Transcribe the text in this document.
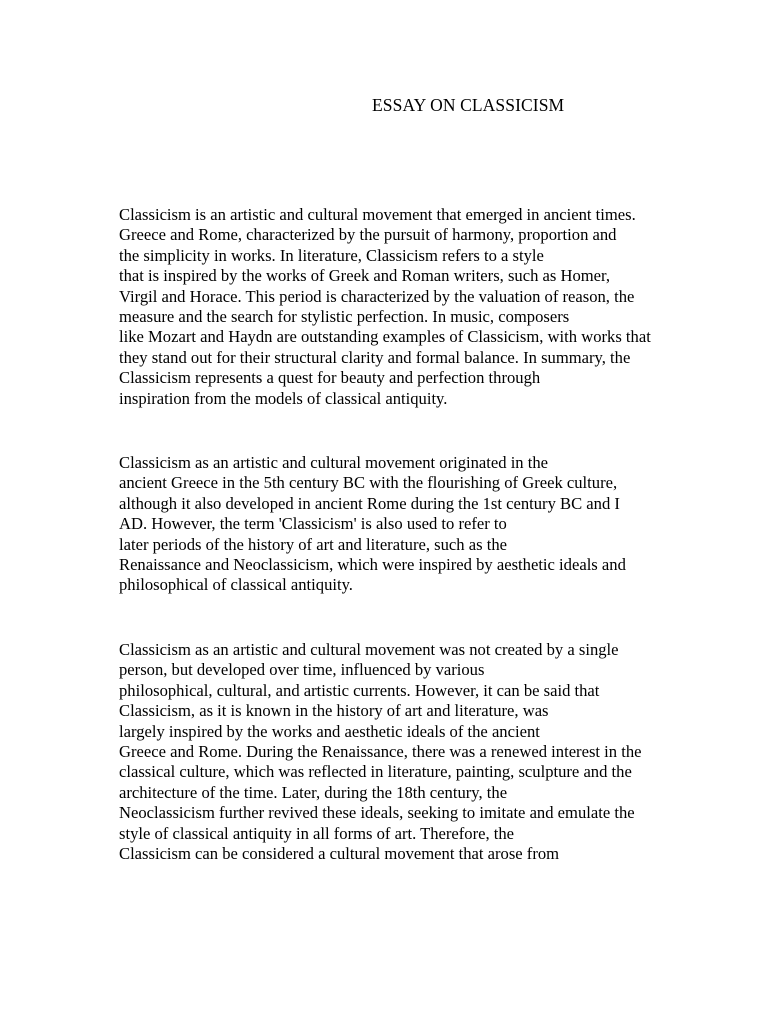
ESSAY ON CLASSICISM

Classicism is an artistic and cultural movement that emerged in ancient times.
Greece and Rome, characterized by the pursuit of harmony, proportion and
the simplicity in works. In literature, Classicism refers to a style
that is inspired by the works of Greek and Roman writers, such as Homer,
Virgil and Horace. This period is characterized by the valuation of reason, the
measure and the search for stylistic perfection. In music, composers
like Mozart and Haydn are outstanding examples of Classicism, with works that
they stand out for their structural clarity and formal balance. In summary, the
Classicism represents a quest for beauty and perfection through
inspiration from the models of classical antiquity.

Classicism as an artistic and cultural movement originated in the
ancient Greece in the 5th century BC with the flourishing of Greek culture,
although it also developed in ancient Rome during the 1st century BC and I
AD. However, the term 'Classicism' is also used to refer to
later periods of the history of art and literature, such as the
Renaissance and Neoclassicism, which were inspired by aesthetic ideals and
philosophical of classical antiquity.

Classicism as an artistic and cultural movement was not created by a single
person, but developed over time, influenced by various
philosophical, cultural, and artistic currents. However, it can be said that
Classicism, as it is known in the history of art and literature, was
largely inspired by the works and aesthetic ideals of the ancient
Greece and Rome. During the Renaissance, there was a renewed interest in the
classical culture, which was reflected in literature, painting, sculpture and the
architecture of the time. Later, during the 18th century, the
Neoclassicism further revived these ideals, seeking to imitate and emulate the
style of classical antiquity in all forms of art. Therefore, the
Classicism can be considered a cultural movement that arose from
